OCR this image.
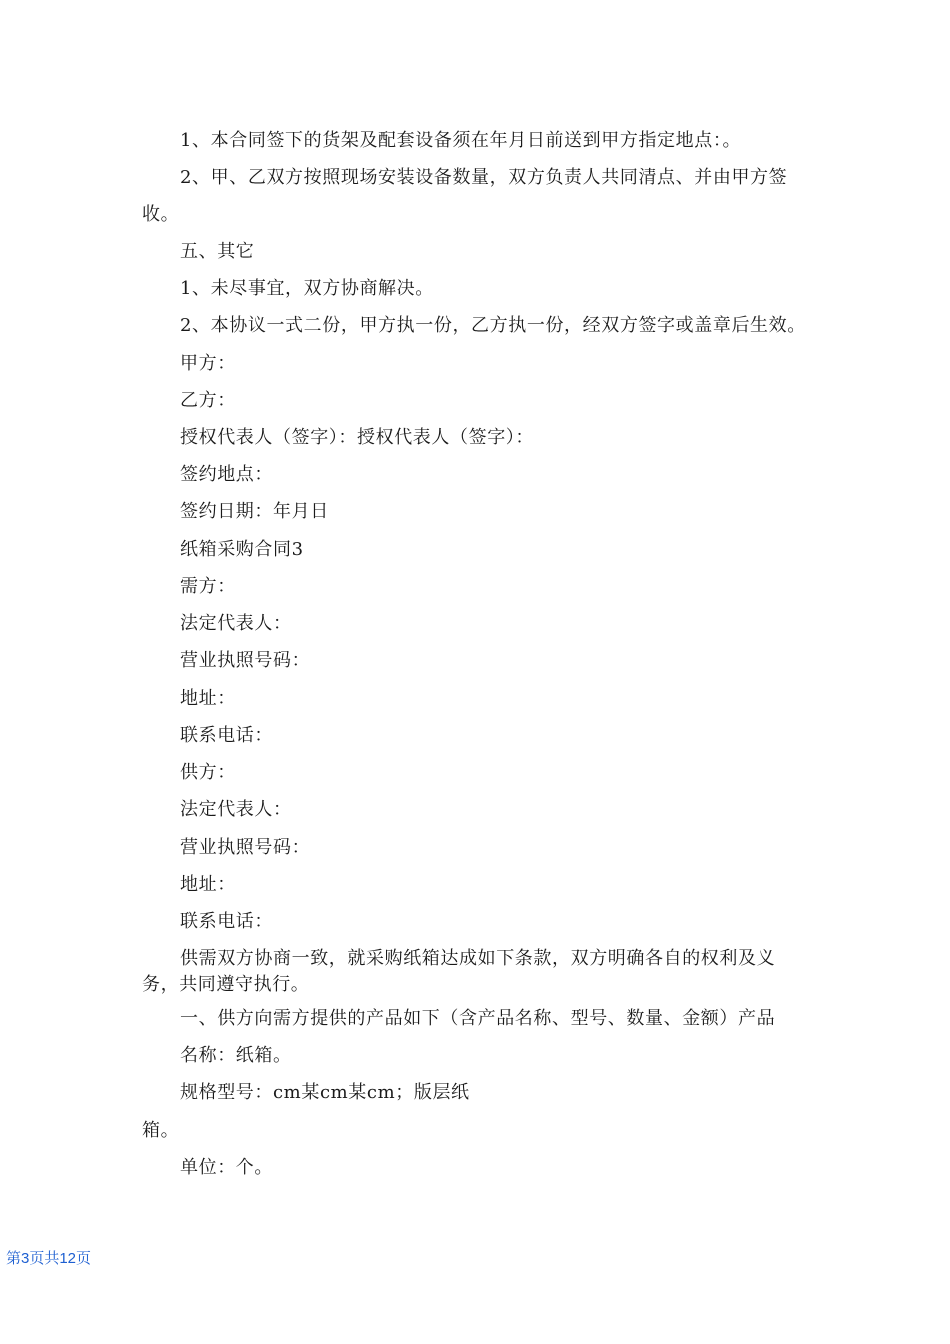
1、本合同签下的货架及配套设备须在年月日前送到甲方指定地点：。
2、甲、乙双方按照现场安装设备数量，双方负责人共同清点、并由甲方签
收。
五、其它
1、未尽事宜，双方协商解决。
2、本协议一式二份，甲方执一份，乙方执一份，经双方签字或盖章后生效。
甲方：
乙方：
授权代表人（签字）：授权代表人（签字）：
签约地点：
签约日期：年月日
纸箱采购合同3
需方：
法定代表人：
营业执照号码：
地址：
联系电话：
供方：
法定代表人：
营业执照号码：
地址：
联系电话：
供需双方协商一致，就采购纸箱达成如下条款，双方明确各自的权利及义
务，共同遵守执行。
一、供方向需方提供的产品如下（含产品名称、型号、数量、金额）产品
名称：纸箱。
规格型号：cm某cm某cm；版层纸
箱。
单位：个。
第3页共12页
